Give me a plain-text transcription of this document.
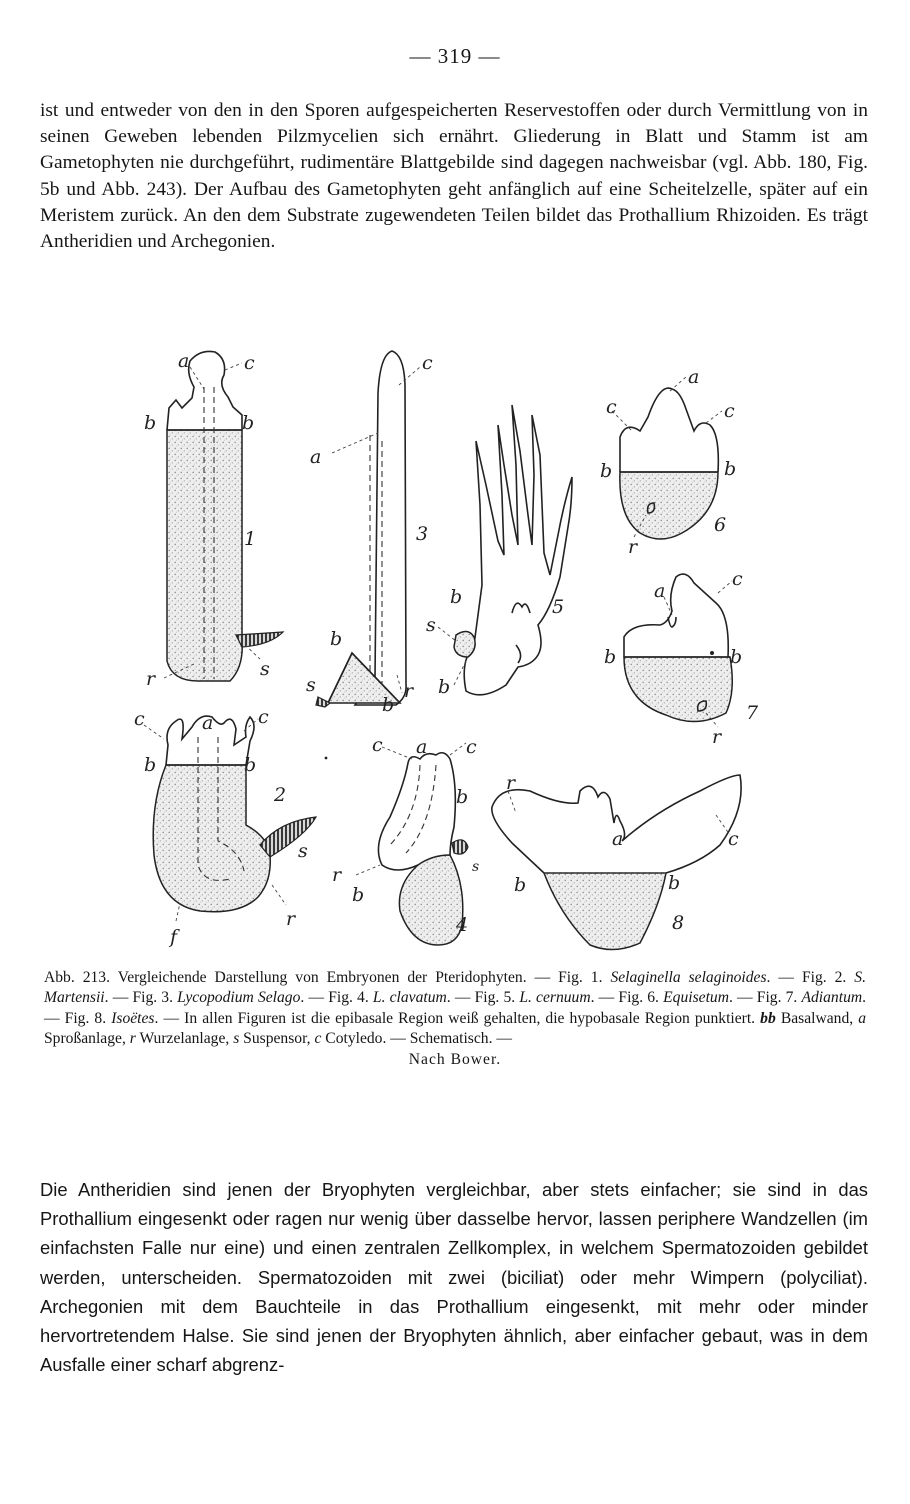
— 319 —

ist und entweder von den in den Sporen aufgespeicherten Reservestoffen oder durch Vermittlung von in seinen Geweben lebenden Pilzmycelien sich ernährt. Gliederung in Blatt und Stamm ist am Gametophyten nie durchgeführt, rudimentäre Blattgebilde sind dagegen nachweisbar (vgl. Abb. 180, Fig. 5b und Abb. 243). Der Aufbau des Gametophyten geht anfänglich auf eine Scheitelzelle, später auf ein Meristem zurück. An den dem Substrate zugewendeten Teilen bildet das Prothallium Rhizoiden. Es trägt Antheridien und Archegonien.

a	c
b	b
1
r	s
a
c
3
b
s
b
r
b
s
5
b
a
c	c
b	b
6
r
a
c
b	b
7
r
c	a c
b	b
2
s
r
f
c a c
b
s
r
b
4
r
a	c
b	b
8

Abb. 213. Vergleichende Darstellung von Embryonen der Pteridophyten. — Fig. 1. Selaginella selaginoides. — Fig. 2. S. Martensii. — Fig. 3. Lycopodium Selago. — Fig. 4. L. clavatum. — Fig. 5. L. cernuum. — Fig. 6. Equisetum. — Fig. 7. Adiantum. — Fig. 8. Isoëtes. — In allen Figuren ist die epibasale Region weiß gehalten, die hypobasale Region punktiert. bb Basalwand, a Sproßanlage, r Wurzelanlage, s Suspensor, c Cotyledo. — Schematisch. —
Nach Bower.

Die Antheridien sind jenen der Bryophyten vergleichbar, aber stets einfacher; sie sind in das Prothallium eingesenkt oder ragen nur wenig über dasselbe hervor, lassen periphere Wandzellen (im einfachsten Falle nur eine) und einen zentralen Zellkomplex, in welchem Spermatozoiden gebildet werden, unterscheiden. Spermatozoiden mit zwei (biciliat) oder mehr Wimpern (polyciliat). Archegonien mit dem Bauchteile in das Prothallium eingesenkt, mit mehr oder minder hervortretendem Halse. Sie sind jenen der Bryophyten ähnlich, aber einfacher gebaut, was in dem Ausfalle einer scharf abgrenz-
